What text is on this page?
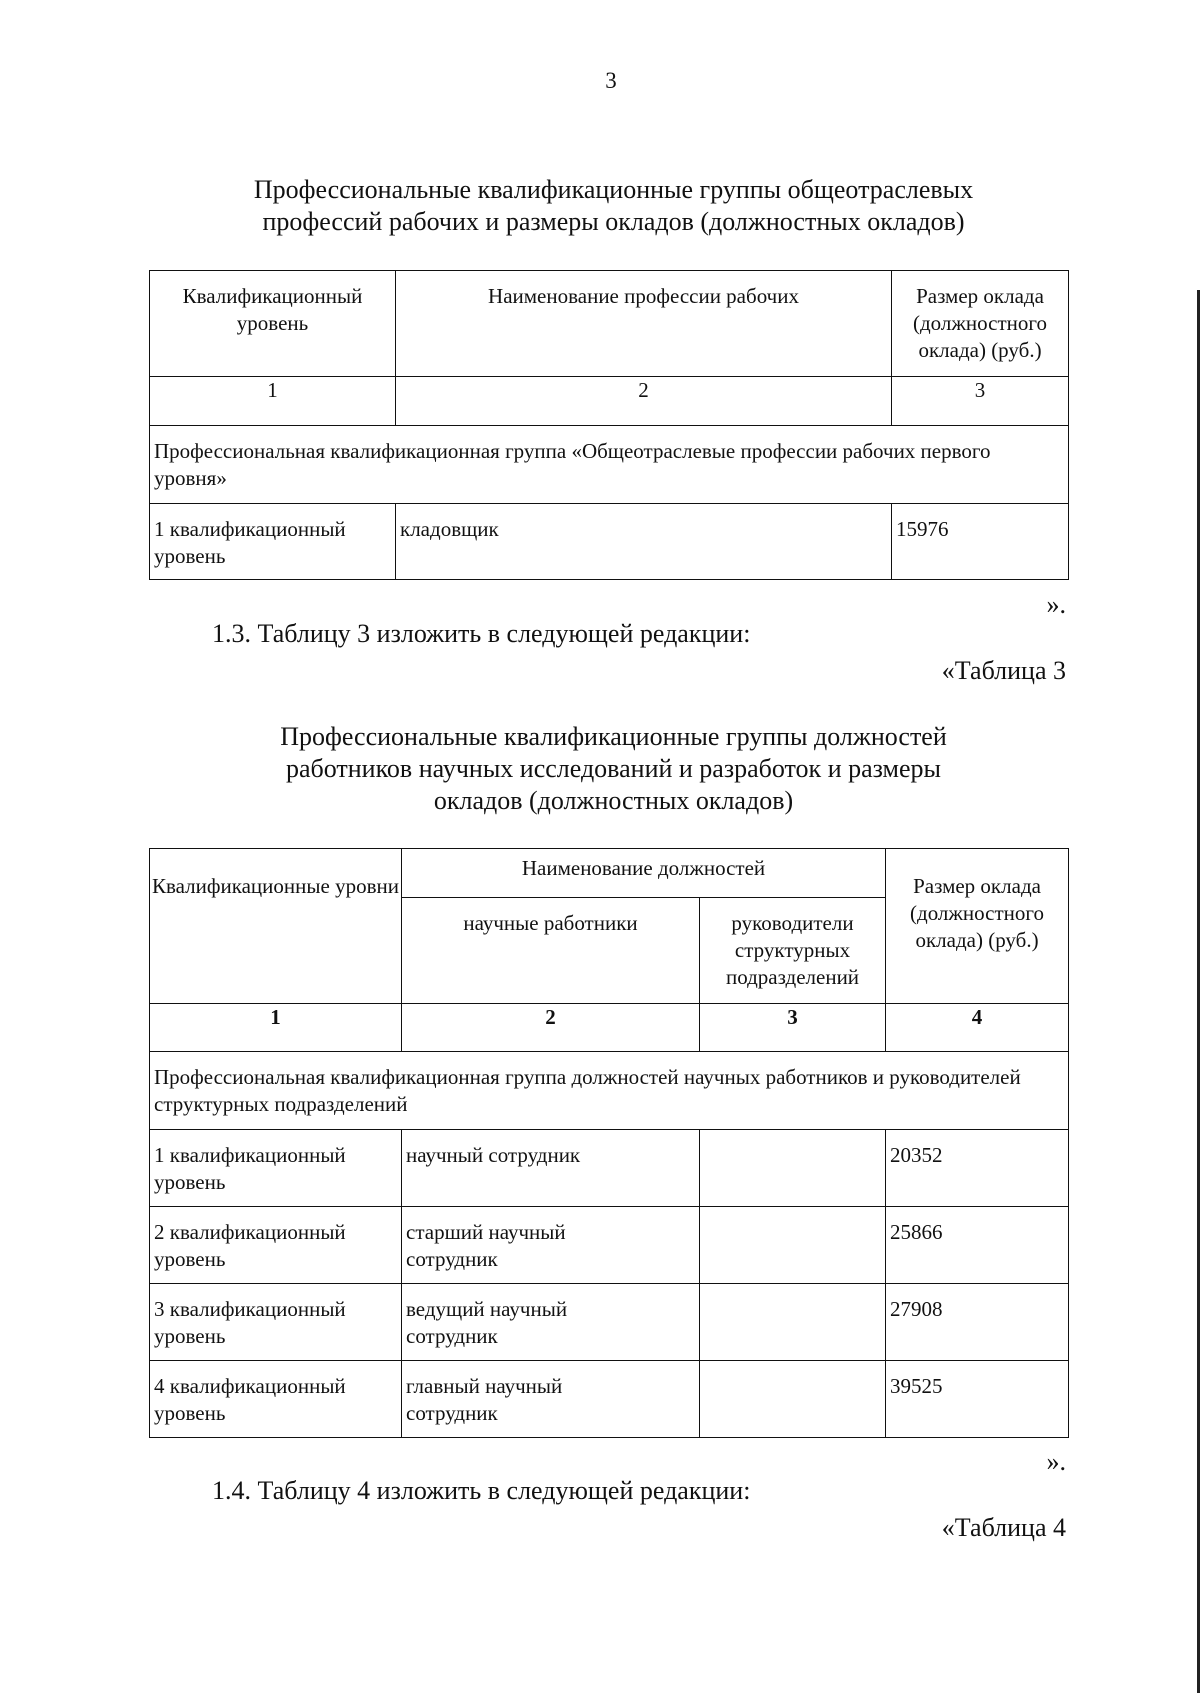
3
Профессиональные квалификационные группы общеотраслевых
профессий рабочих и размеры окладов (должностных окладов)
Квалификационный уровень	Наименование профессии рабочих	Размер оклада
(должностного
оклада) (руб.)

1	2	3
Профессиональная квалификационная группа «Общеотраслевые профессии рабочих первого уровня»		
1 квалификационный уровень	кладовщик	15976
».
1.3. Таблицу 3 изложить в следующей редакции:
«Таблица 3
Профессиональные квалификационные группы должностей
работников научных исследований и разработок и размеры
окладов (должностных окладов)
Квалификационные уровни	Наименование должностей		Размер оклада
(должностного
оклада) (руб.)

	научные работники	руководители
структурных
подразделений	

1	2	3	4
Профессиональная квалификационная группа должностей научных работников и руководителей структурных подразделений			

1 квалификационный
уровень	научный сотрудник		20352

2 квалификационный
уровень	старший научный
сотрудник		25866

3 квалификационный
уровень	ведущий научный
сотрудник		27908

4 квалификационный
уровень	главный научный
сотрудник		39525
».
1.4. Таблицу 4 изложить в следующей редакции:
«Таблица 4
